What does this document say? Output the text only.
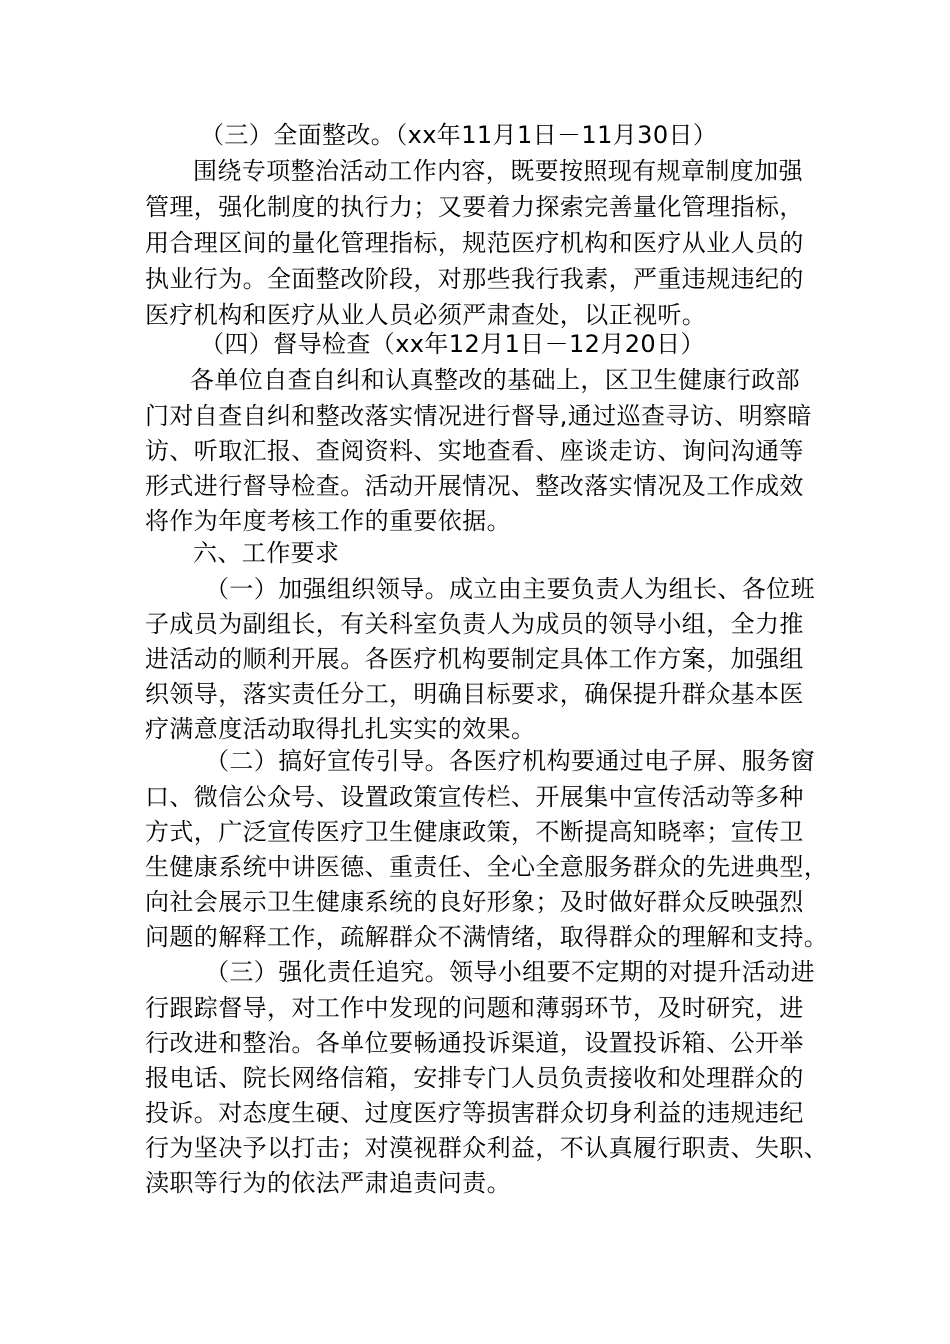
（三）全面整改。（xx年11月1日－11月30日）
围绕专项整治活动工作内容，既要按照现有规章制度加强
管理，强化制度的执行力；又要着力探索完善量化管理指标，
用合理区间的量化管理指标，规范医疗机构和医疗从业人员的
执业行为。全面整改阶段，对那些我行我素，严重违规违纪的
医疗机构和医疗从业人员必须严肃查处，以正视听。
（四）督导检查（xx年12月1日－12月20日）
各单位自查自纠和认真整改的基础上，区卫生健康行政部
门对自查自纠和整改落实情况进行督导,通过巡查寻访、明察暗
访、听取汇报、查阅资料、实地查看、座谈走访、询问沟通等
形式进行督导检查。活动开展情况、整改落实情况及工作成效
将作为年度考核工作的重要依据。
六、工作要求
（一）加强组织领导。成立由主要负责人为组长、各位班
子成员为副组长，有关科室负责人为成员的领导小组，全力推
进活动的顺利开展。各医疗机构要制定具体工作方案，加强组
织领导，落实责任分工，明确目标要求，确保提升群众基本医
疗满意度活动取得扎扎实实的效果。
（二）搞好宣传引导。各医疗机构要通过电子屏、服务窗
口、微信公众号、设置政策宣传栏、开展集中宣传活动等多种
方式，广泛宣传医疗卫生健康政策，不断提高知晓率；宣传卫
生健康系统中讲医德、重责任、全心全意服务群众的先进典型，
向社会展示卫生健康系统的良好形象；及时做好群众反映强烈
问题的解释工作，疏解群众不满情绪，取得群众的理解和支持。
（三）强化责任追究。领导小组要不定期的对提升活动进
行跟踪督导，对工作中发现的问题和薄弱环节，及时研究，进
行改进和整治。各单位要畅通投诉渠道，设置投诉箱、公开举
报电话、院长网络信箱，安排专门人员负责接收和处理群众的
投诉。对态度生硬、过度医疗等损害群众切身利益的违规违纪
行为坚决予以打击；对漠视群众利益，不认真履行职责、失职、
渎职等行为的依法严肃追责问责。
